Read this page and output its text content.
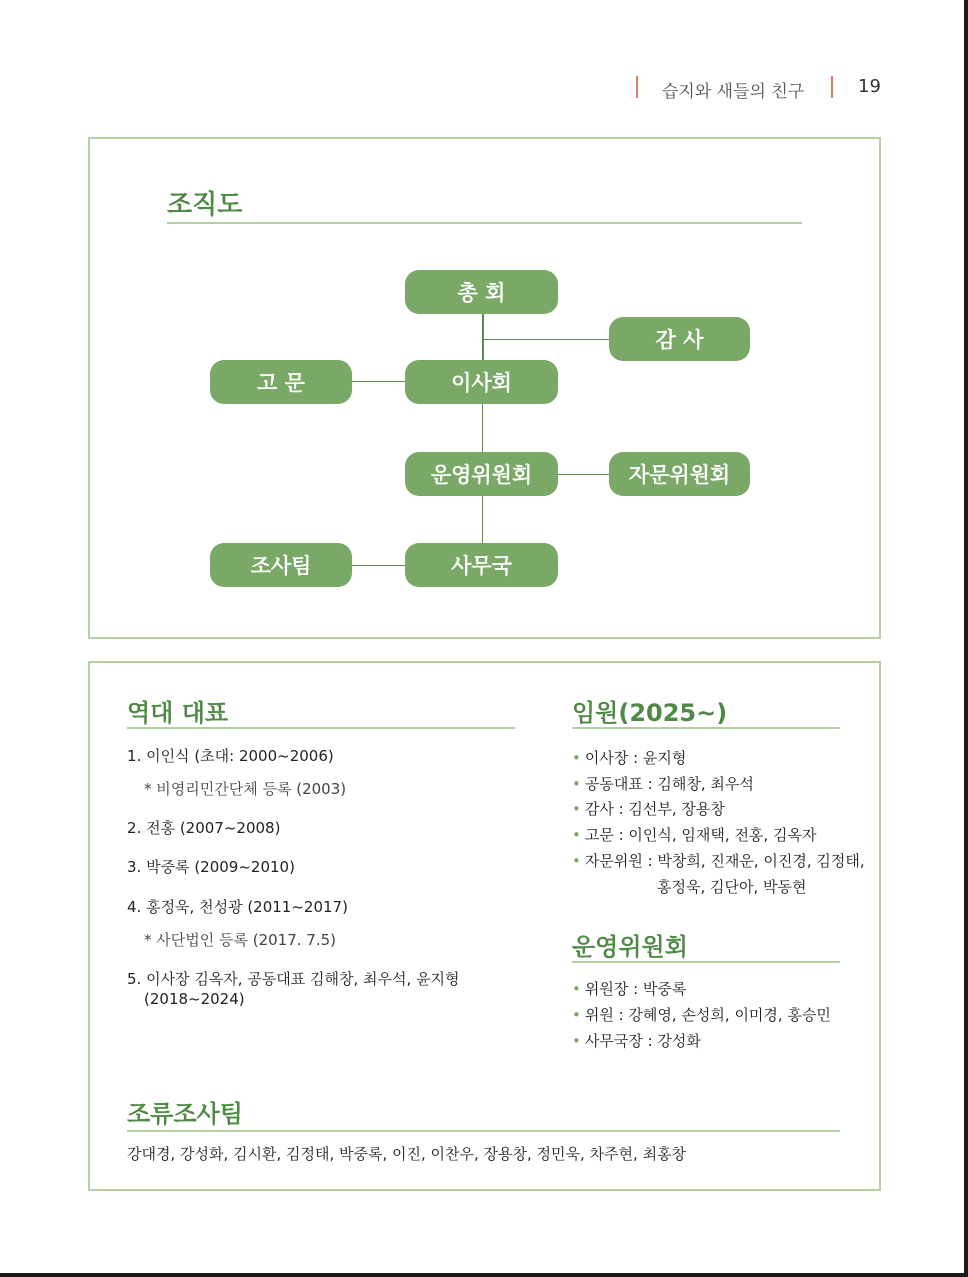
습지와 새들의 친구	19
조직도
총 회
감 사
고 문	이사회
운영위원회	자문위원회
조사팀	사무국
역대 대표
1. 이인식 (초대: 2000~2006)
* 비영리민간단체 등록 (2003)
2. 전홍 (2007~2008)
3. 박중록 (2009~2010)
4. 홍정욱, 천성광 (2011~2017)
* 사단법인 등록 (2017. 7.5)
5. 이사장 김옥자, 공동대표 김해창, 최우석, 윤지형
(2018~2024)
임원(2025~)
• 이사장 : 윤지형
• 공동대표 : 김해창, 최우석
• 감사 : 김선부, 장용창
• 고문 : 이인식, 임재택, 전홍, 김옥자
• 자문위원 : 박창희, 진재운, 이진경, 김정태,
홍정욱, 김단아, 박동현
운영위원회
• 위원장 : 박중록
• 위원 : 강혜영, 손성희, 이미경, 홍승민
• 사무국장 : 강성화
조류조사팀
강대경, 강성화, 김시환, 김정태, 박중록, 이진, 이찬우, 장용창, 정민욱, 차주현, 최홍창
